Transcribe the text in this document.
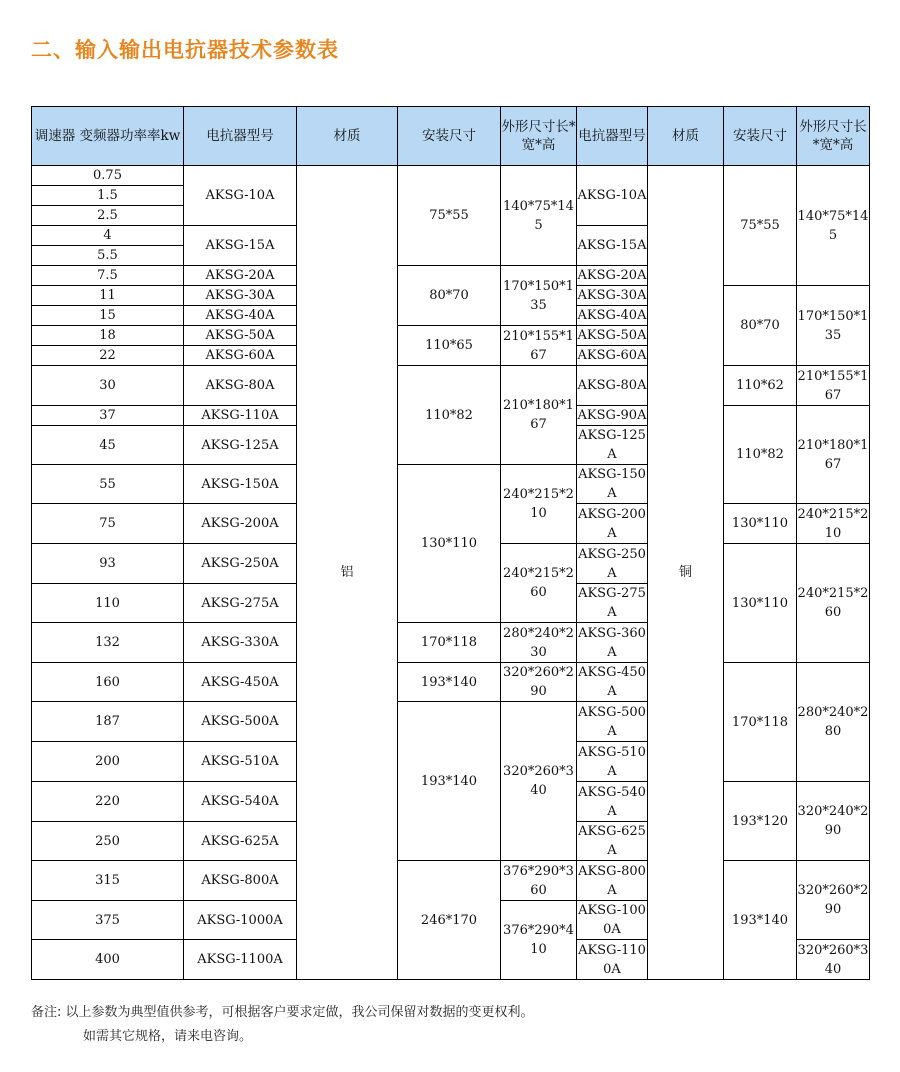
二、输入输出电抗器技术参数表
调速器 变频器功率率kw	电抗器型号	材质	安装尺寸	外形尺寸长*宽*高	电抗器型号	材质	安装尺寸	外形尺寸长*宽*高
0.75	AKSG-10A	铝	75*55	140*75*145	AKSG-10A	铜	75*55	140*75*145
1.5								
2.5								
4	AKSG-15A				AKSG-15A			
5.5								
7.5	AKSG-20A		80*70	170*150*135	AKSG-20A			
11	AKSG-30A				AKSG-30A		80*70	170*150*135
15	AKSG-40A				AKSG-40A			
18	AKSG-50A		110*65	210*155*167	AKSG-50A			
22	AKSG-60A				AKSG-60A			
30	AKSG-80A		110*82	210*180*167	AKSG-80A		110*62	210*155*167
37	AKSG-110A				AKSG-90A		110*82	210*180*167
45	AKSG-125A				AKSG-125A			
55	AKSG-150A		130*110	240*215*210	AKSG-150A			
75	AKSG-200A				AKSG-200A		130*110	240*215*210
93	AKSG-250A			240*215*260	AKSG-250A		130*110	240*215*260
110	AKSG-275A				AKSG-275A			
132	AKSG-330A		170*118	280*240*230	AKSG-360A			
160	AKSG-450A		193*140	320*260*290	AKSG-450A		170*118	280*240*280
187	AKSG-500A		193*140	320*260*340	AKSG-500A			
200	AKSG-510A				AKSG-510A			
220	AKSG-540A				AKSG-540A		193*120	320*240*290
250	AKSG-625A				AKSG-625A			
315	AKSG-800A		246*170	376*290*360	AKSG-800A		193*140	320*260*290
375	AKSG-1000A			376*290*410	AKSG-1000A			
400	AKSG-1100A				AKSG-1100A			320*260*340
备注: 以上参数为典型值供参考，可根据客户要求定做，我公司保留对数据的变更权利。
如需其它规格，请来电咨询。
